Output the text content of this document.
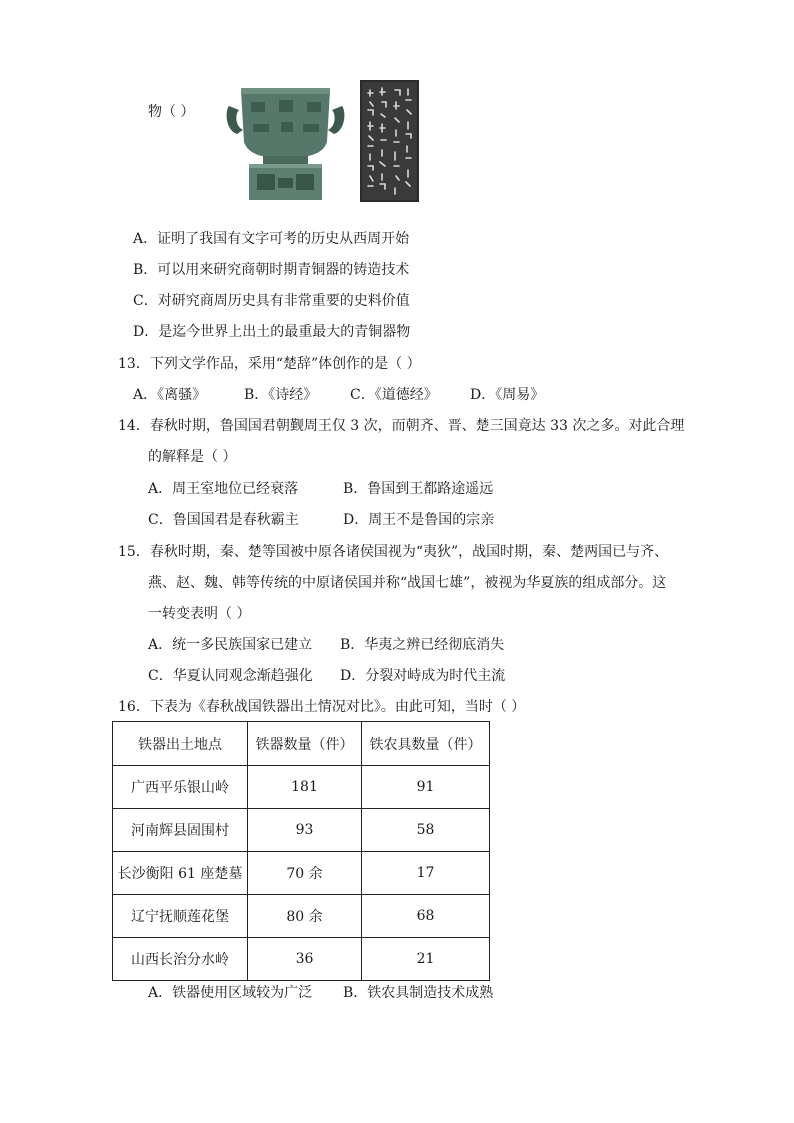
物（ ）
A．证明了我国有文字可考的历史从西周开始
B．可以用来研究商朝时期青铜器的铸造技术
C．对研究商周历史具有非常重要的史料价值
D．是迄今世界上出土的最重最大的青铜器物
13．下列文学作品，采用“楚辞”体创作的是（ ）
A．《离骚》	B．《诗经》 C．《道德经》 D．《周易》
14．春秋时期，鲁国国君朝觐周王仅 3 次，而朝齐、晋、楚三国竟达 33 次之多。对此合理
的解释是（ ）
A．周王室地位已经衰落	B．鲁国到王都路途遥远
C．鲁国国君是春秋霸主	D．周王不是鲁国的宗亲
15．春秋时期，秦、楚等国被中原各诸侯国视为“夷狄”，战国时期，秦、楚两国已与齐、
燕、赵、魏、韩等传统的中原诸侯国并称“战国七雄”，被视为华夏族的组成部分。这
一转变表明（ ）
A．统一多民族国家已建立 B．华夷之辨已经彻底消失
C．华夏认同观念渐趋强化 D．分裂对峙成为时代主流
16．下表为《春秋战国铁器出土情况对比》。由此可知，当时（ ）
铁器出土地点	铁器数量（件）	铁农具数量（件）
广西平乐银山岭	181	91
河南辉县固围村	93	58
长沙衡阳 61 座楚墓	70 余	17
辽宁抚顺莲花堡	80 余	68
山西长治分水岭	36	21
A．铁器使用区域较为广泛 B．铁农具制造技术成熟
